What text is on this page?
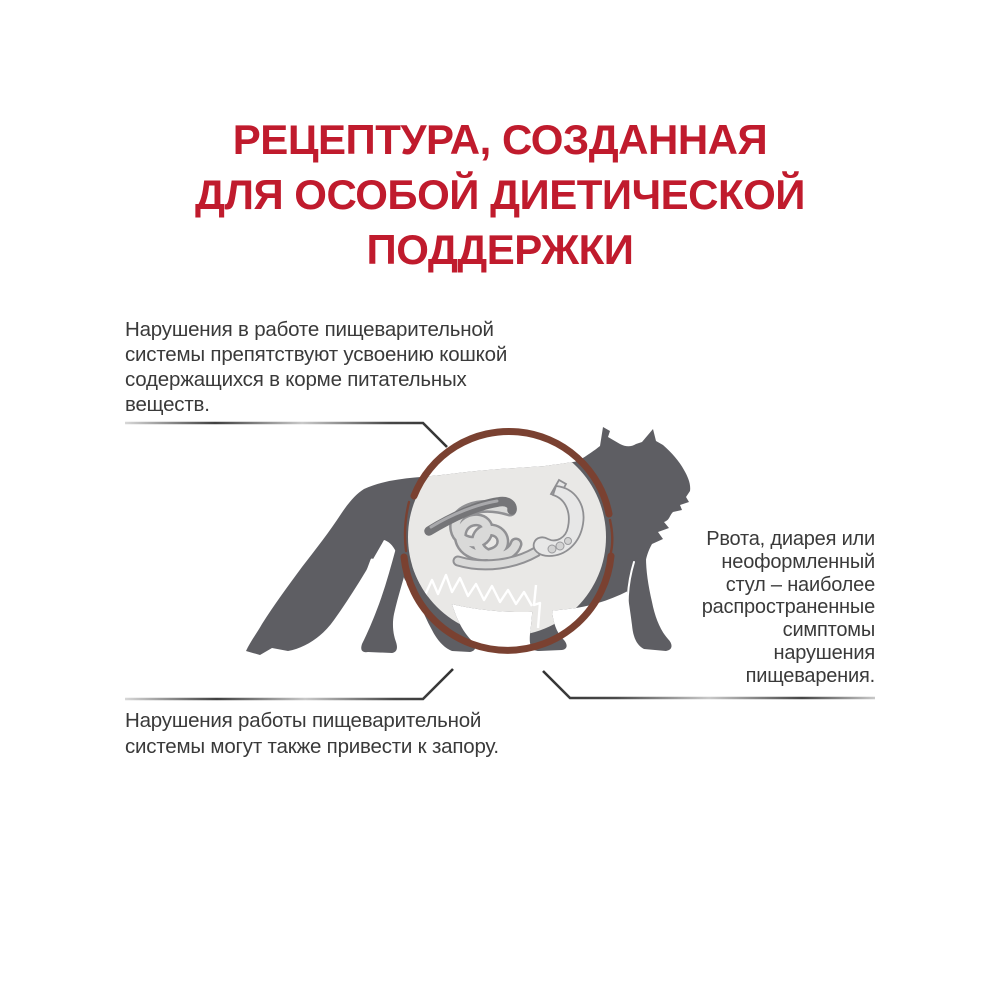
РЕЦЕПТУРА, СОЗДАННАЯ
ДЛЯ ОСОБОЙ ДИЕТИЧЕСКОЙ
ПОДДЕРЖКИ
Нарушения в работе пищеварительной
системы препятствуют усвоению кошкой
содержащихся в корме питательных
веществ.
Рвота, диарея или
неоформленный
стул – наиболее
распространенные
симптомы
нарушения
пищеварения.
Нарушения работы пищеварительной
системы могут также привести к запору.
